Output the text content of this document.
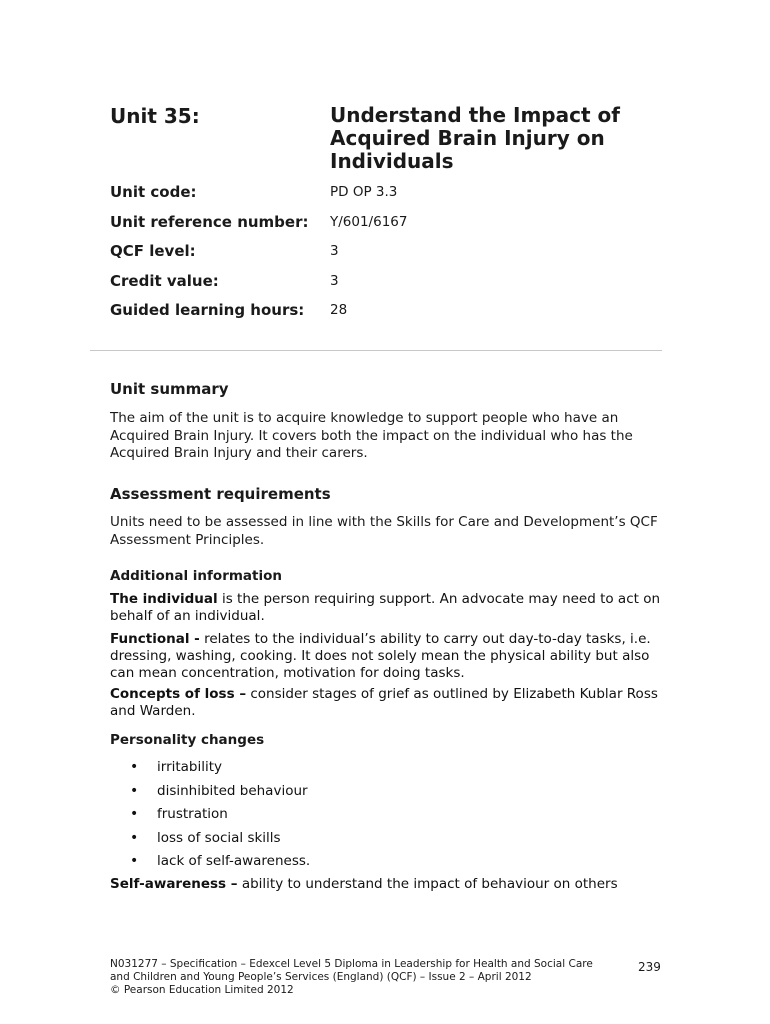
Unit 35:	Understand the Impact of
Acquired Brain Injury on
Individuals
Unit code:	PD OP 3.3
Unit reference number: Y/601/6167
QCF level:	3
Credit value:	3
Guided learning hours: 28
Unit summary

The aim of the unit is to acquire knowledge to support people who have an Acquired Brain Injury. It covers both the impact on the individual who has the Acquired Brain Injury and their carers.

Assessment requirements

Units need to be assessed in line with the Skills for Care and Development’s QCF Assessment Principles.

Additional information

The individual is the person requiring support. An advocate may need to act on behalf of an individual.

Functional - relates to the individual’s ability to carry out day-to-day tasks, i.e. dressing, washing, cooking. It does not solely mean the physical ability but also can mean concentration, motivation for doing tasks.

Concepts of loss – consider stages of grief as outlined by Elizabeth Kublar Ross and Warden.

Personality changes
• irritability
• disinhibited behaviour
• frustration
• loss of social skills
• lack of self-awareness.

Self-awareness – ability to understand the impact of behaviour on others

N031277 – Specification – Edexcel Level 5 Diploma in Leadership for Health and Social Care
and Children and Young People’s Services (England) (QCF) – Issue 2 – April 2012
© Pearson Education Limited 2012
239
